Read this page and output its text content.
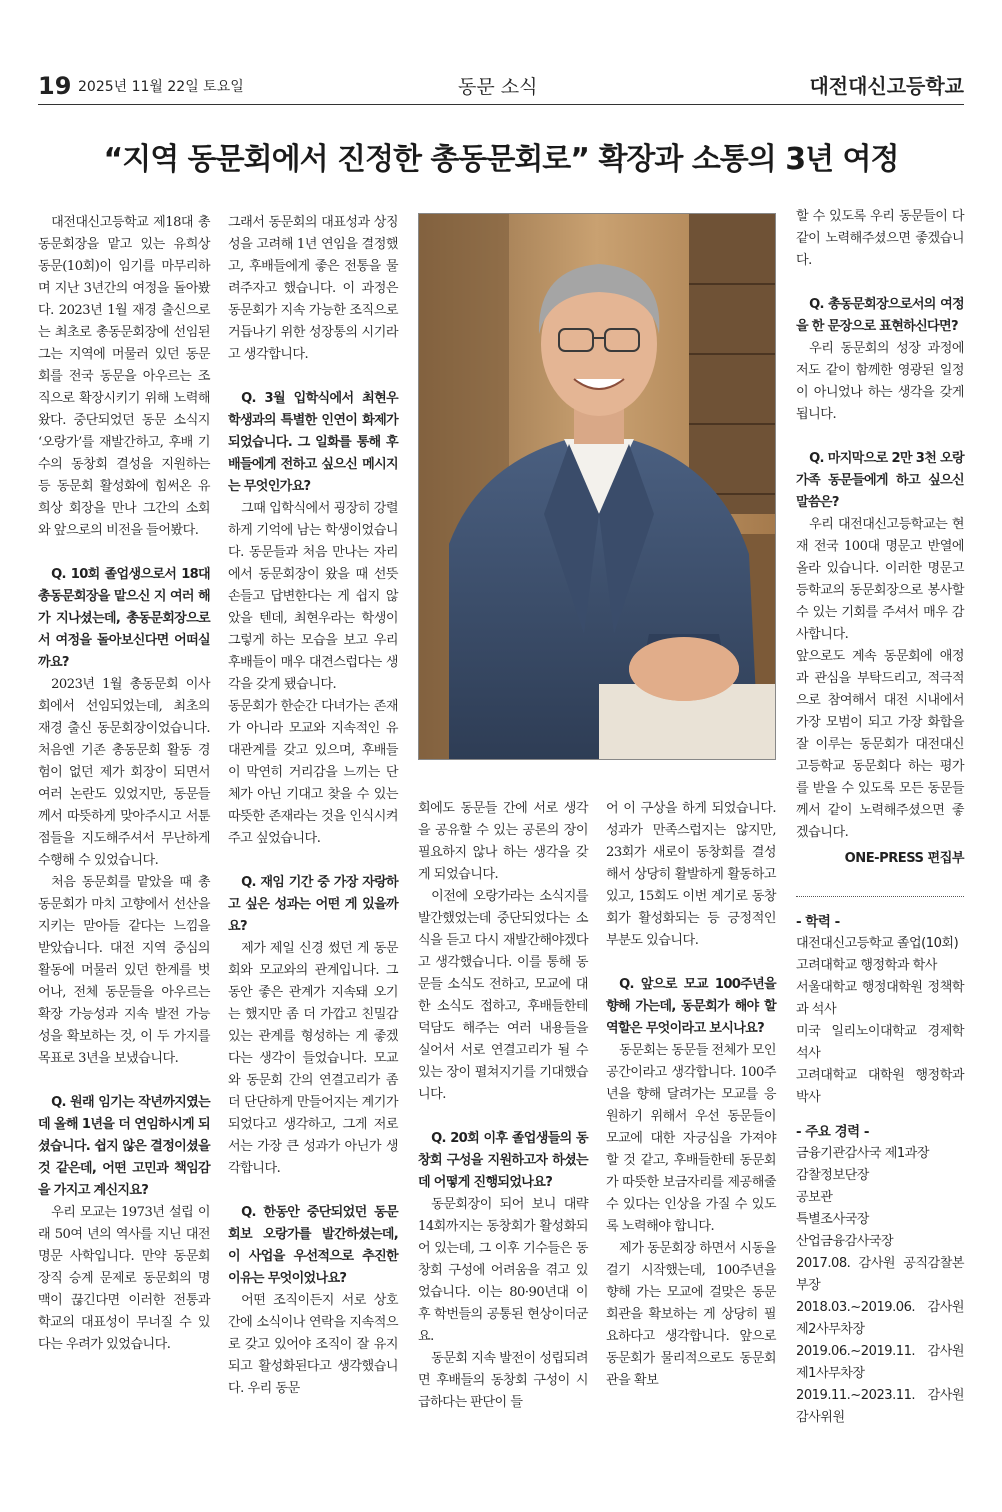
19 2025년 11월 22일 토요일	동문 소식	대전대신고등학교
“지역 동문회에서 진정한 총동문회로” 확장과 소통의 3년 여정

대전대신고등학교 제18대 총동문회장을 맡고 있는 유희상 동문(10회)이 임기를 마무리하며 지난 3년간의 여정을 돌아봤다. 2023년 1월 재경 출신으로는 최초로 총동문회장에 선임된 그는 지역에 머물러 있던 동문회를 전국 동문을 아우르는 조직으로 확장시키기 위해 노력해왔다. 중단되었던 동문 소식지 ‘오랑가’를 재발간하고, 후배 기수의 동창회 결성을 지원하는 등 동문회 활성화에 힘써온 유희상 회장을 만나 그간의 소회와 앞으로의 비전을 들어봤다.

Q. 10회 졸업생으로서 18대 총동문회장을 맡으신 지 여러 해가 지나셨는데, 총동문회장으로서 여정을 돌아보신다면 어떠실까요?

2023년 1월 총동문회 이사회에서 선임되었는데, 최초의 재경 출신 동문회장이었습니다. 처음엔 기존 총동문회 활동 경험이 없던 제가 회장이 되면서 여러 논란도 있었지만, 동문들께서 따뜻하게 맞아주시고 서툰 점들을 지도해주셔서 무난하게 수행해 수 있었습니다.

처음 동문회를 맡았을 때 총동문회가 마치 고향에서 선산을 지키는 맏아들 같다는 느낌을 받았습니다. 대전 지역 중심의 활동에 머물러 있던 한계를 벗어나, 전체 동문들을 아우르는 확장 가능성과 지속 발전 가능성을 확보하는 것, 이 두 가지를 목표로 3년을 보냈습니다.

Q. 원래 임기는 작년까지였는데 올해 1년을 더 연임하시게 되셨습니다. 쉽지 않은 결정이셨을 것 같은데, 어떤 고민과 책임감을 가지고 계신지요?

우리 모교는 1973년 설립 이래 50여 년의 역사를 지닌 대전 명문 사학입니다. 만약 동문회장직 승계 문제로 동문회의 명맥이 끊긴다면 이러한 전통과 학교의 대표성이 무너질 수 있다는 우려가 있었습니다.

그래서 동문회의 대표성과 상징성을 고려해 1년 연임을 결정했고, 후배들에게 좋은 전통을 물려주자고 했습니다. 이 과정은 동문회가 지속 가능한 조직으로 거듭나기 위한 성장통의 시기라고 생각합니다.

Q. 3월 입학식에서 최현우 학생과의 특별한 인연이 화제가 되었습니다. 그 일화를 통해 후배들에게 전하고 싶으신 메시지는 무엇인가요?

그때 입학식에서 굉장히 강렬하게 기억에 남는 학생이었습니다. 동문들과 처음 만나는 자리에서 동문회장이 왔을 때 선뜻 손들고 답변한다는 게 쉽지 않았을 텐데, 최현우라는 학생이 그렇게 하는 모습을 보고 우리 후배들이 매우 대견스럽다는 생각을 갖게 됐습니다.

동문회가 한순간 다녀가는 존재가 아니라 모교와 지속적인 유대관계를 갖고 있으며, 후배들이 막연히 거리감을 느끼는 단체가 아닌 기대고 찾을 수 있는 따뜻한 존재라는 것을 인식시켜주고 싶었습니다.

Q. 재임 기간 중 가장 자랑하고 싶은 성과는 어떤 게 있을까요?

제가 제일 신경 썼던 게 동문회와 모교와의 관계입니다. 그동안 좋은 관계가 지속돼 오기는 했지만 좀 더 가깝고 친밀감 있는 관계를 형성하는 게 좋겠다는 생각이 들었습니다. 모교와 동문회 간의 연결고리가 좀 더 단단하게 만들어지는 계기가 되었다고 생각하고, 그게 저로서는 가장 큰 성과가 아닌가 생각합니다.

Q. 한동안 중단되었던 동문회보 오랑가를 발간하셨는데, 이 사업을 우선적으로 추진한 이유는 무엇이었나요?

어떤 조직이든지 서로 상호 간에 소식이나 연락을 지속적으로 갖고 있어야 조직이 잘 유지되고 활성화된다고 생각했습니다. 우리 동문

회에도 동문들 간에 서로 생각을 공유할 수 있는 공론의 장이 필요하지 않나 하는 생각을 갖게 되었습니다.

이전에 오랑가라는 소식지를 발간했었는데 중단되었다는 소식을 듣고 다시 재발간해야겠다고 생각했습니다. 이를 통해 동문들 소식도 전하고, 모교에 대한 소식도 접하고, 후배들한테 덕담도 해주는 여러 내용들을 실어서 서로 연결고리가 될 수 있는 장이 펼쳐지기를 기대했습니다.

Q. 20회 이후 졸업생들의 동창회 구성을 지원하고자 하셨는데 어떻게 진행되었나요?

동문회장이 되어 보니 대략 14회까지는 동창회가 활성화되어 있는데, 그 이후 기수들은 동창회 구성에 어려움을 겪고 있었습니다. 이는 80·90년대 이후 학번들의 공통된 현상이더군요.

동문회 지속 발전이 성립되려면 후배들의 동창회 구성이 시급하다는 판단이 들

어 이 구상을 하게 되었습니다. 성과가 만족스럽지는 않지만, 23회가 새로이 동창회를 결성해서 상당히 활발하게 활동하고 있고, 15회도 이번 계기로 동창회가 활성화되는 등 긍정적인 부분도 있습니다.

Q. 앞으로 모교 100주년을 향해 가는데, 동문회가 해야 할 역할은 무엇이라고 보시나요?

동문회는 동문들 전체가 모인 공간이라고 생각합니다. 100주년을 향해 달려가는 모교를 응원하기 위해서 우선 동문들이 모교에 대한 자긍심을 가져야 할 것 같고, 후배들한테 동문회가 따뜻한 보금자리를 제공해줄 수 있다는 인상을 가질 수 있도록 노력해야 합니다.

제가 동문회장 하면서 시동을 걸기 시작했는데, 100주년을 향해 가는 모교에 걸맞은 동문회관을 확보하는 게 상당히 필요하다고 생각합니다. 앞으로 동문회가 물리적으로도 동문회관을 확보

할 수 있도록 우리 동문들이 다같이 노력해주셨으면 좋겠습니다.

Q. 총동문회장으로서의 여정을 한 문장으로 표현하신다면?

우리 동문회의 성장 과정에 저도 같이 함께한 영광된 일정이 아니었나 하는 생각을 갖게 됩니다.

Q. 마지막으로 2만 3천 오랑 가족 동문들에게 하고 싶으신 말씀은?

우리 대전대신고등학교는 현재 전국 100대 명문고 반열에 올라 있습니다. 이러한 명문고등학교의 동문회장으로 봉사할 수 있는 기회를 주셔서 매우 감사합니다.

앞으로도 계속 동문회에 애정과 관심을 부탁드리고, 적극적으로 참여해서 대전 시내에서 가장 모범이 되고 가장 화합을 잘 이루는 동문회가 대전대신고등학교 동문회다 하는 평가를 받을 수 있도록 모든 동문들께서 같이 노력해주셨으면 좋겠습니다.

ONE-PRESS 편집부
- 학력 -
대전대신고등학교 졸업(10회)
고려대학교 행정학과 학사
서울대학교 행정대학원 정책학과 석사
미국 일리노이대학교 경제학 석사
고려대학교 대학원 행정학과 박사
- 주요 경력 -
금융기관감사국 제1과장
감찰정보단장
공보관
특별조사국장
산업금융감사국장
2017.08. 감사원 공직감찰본부장
2018.03.~2019.06. 감사원 제2사무차장
2019.06.~2019.11. 감사원 제1사무차장
2019.11.~2023.11. 감사원 감사위원
